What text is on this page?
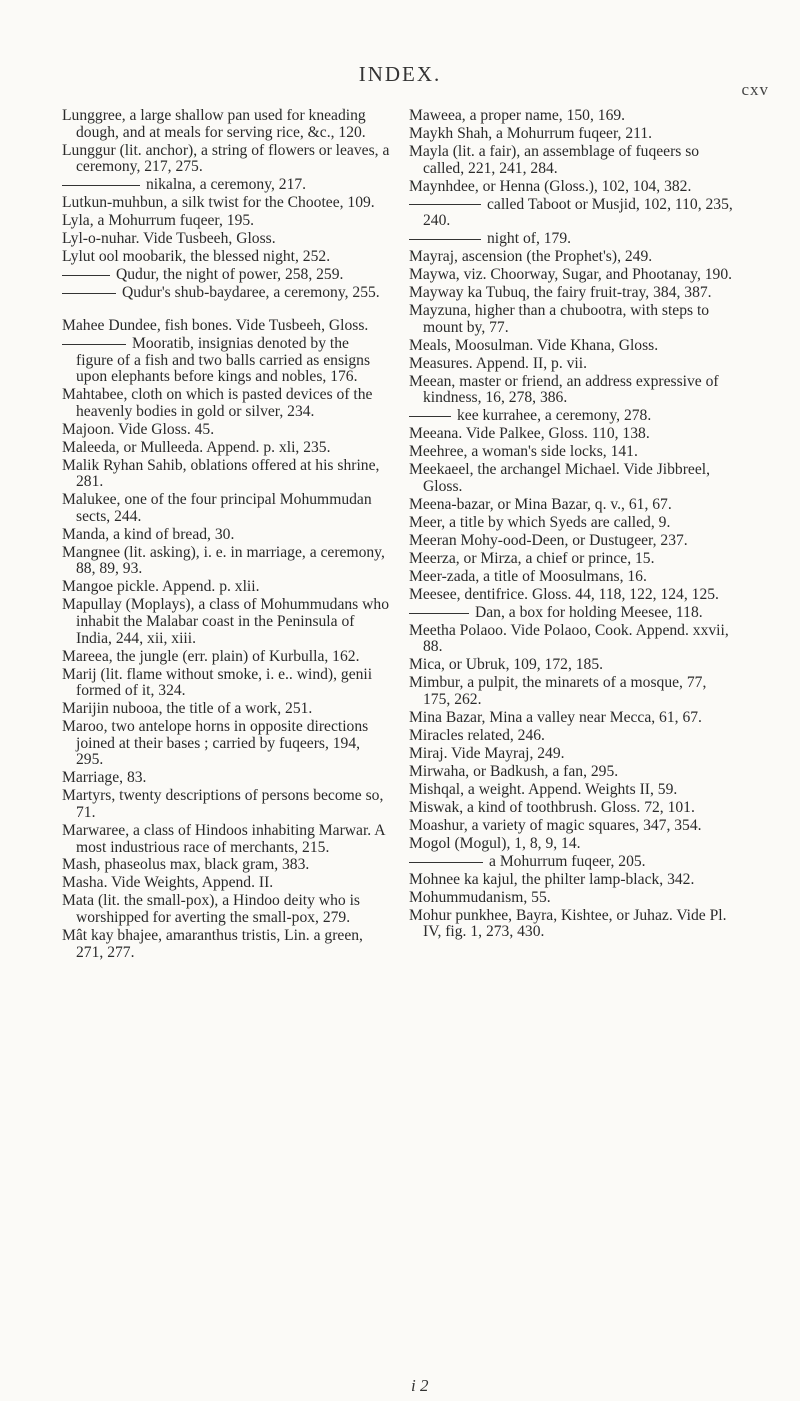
INDEX.
cxv
Lunggree, a large shallow pan used for kneading dough, and at meals for serving rice, &c., 120.
Lunggur (lit. anchor), a string of flowers or leaves, a ceremony, 217, 275.
nikalna, a ceremony, 217.
Lutkun-muhbun, a silk twist for the Chootee, 109.
Lyla, a Mohurrum fuqeer, 195.
Lyl-o-nuhar. Vide Tusbeeh, Gloss.
Lylut ool moobarik, the blessed night, 252.
Qudur, the night of power, 258, 259.
Qudur's shub-baydaree, a ceremony, 255.
Mahee Dundee, fish bones. Vide Tusbeeh, Gloss.
Mooratib, insignias denoted by the figure of a fish and two balls carried as ensigns upon elephants before kings and nobles, 176.
Mahtabee, cloth on which is pasted devices of the heavenly bodies in gold or silver, 234.
Majoon. Vide Gloss. 45.
Maleeda, or Mulleeda. Append. p. xli, 235.
Malik Ryhan Sahib, oblations offered at his shrine, 281.
Malukee, one of the four principal Mohummudan sects, 244.
Manda, a kind of bread, 30.
Mangnee (lit. asking), i. e. in marriage, a ceremony, 88, 89, 93.
Mangoe pickle. Append. p. xlii.
Mapullay (Moplays), a class of Mohummudans who inhabit the Malabar coast in the Peninsula of India, 244, xii, xiii.
Mareea, the jungle (err. plain) of Kurbulla, 162.
Marij (lit. flame without smoke, i. e.. wind), genii formed of it, 324.
Marijin nubooa, the title of a work, 251.
Maroo, two antelope horns in opposite directions joined at their bases ; carried by fuqeers, 194, 295.
Marriage, 83.
Martyrs, twenty descriptions of persons become so, 71.
Marwaree, a class of Hindoos inhabiting Marwar. A most industrious race of merchants, 215.
Mash, phaseolus max, black gram, 383.
Masha. Vide Weights, Append. II.
Mata (lit. the small-pox), a Hindoo deity who is worshipped for averting the small-pox, 279.
Mât kay bhajee, amaranthus tristis, Lin. a green, 271, 277.
Maweea, a proper name, 150, 169.
Maykh Shah, a Mohurrum fuqeer, 211.
Mayla (lit. a fair), an assemblage of fuqeers so called, 221, 241, 284.
Maynhdee, or Henna (Gloss.), 102, 104, 382.
called Taboot or Musjid, 102, 110, 235, 240.
night of, 179.
Mayraj, ascension (the Prophet's), 249.
Maywa, viz. Choorway, Sugar, and Phootanay, 190.
Mayway ka Tubuq, the fairy fruit-tray, 384, 387.
Mayzuna, higher than a chubootra, with steps to mount by, 77.
Meals, Moosulman. Vide Khana, Gloss.
Measures. Append. II, p. vii.
Meean, master or friend, an address expressive of kindness, 16, 278, 386.
kee kurrahee, a ceremony, 278.
Meeana. Vide Palkee, Gloss. 110, 138.
Meehree, a woman's side locks, 141.
Meekaeel, the archangel Michael. Vide Jibbreel, Gloss.
Meena-bazar, or Mina Bazar, q. v., 61, 67.
Meer, a title by which Syeds are called, 9.
Meeran Mohy-ood-Deen, or Dustugeer, 237.
Meerza, or Mirza, a chief or prince, 15.
Meer-zada, a title of Moosulmans, 16.
Meesee, dentifrice. Gloss. 44, 118, 122, 124, 125.
Dan, a box for holding Meesee, 118.
Meetha Polaoo. Vide Polaoo, Cook. Append. xxvii, 88.
Mica, or Ubruk, 109, 172, 185.
Mimbur, a pulpit, the minarets of a mosque, 77, 175, 262.
Mina Bazar, Mina a valley near Mecca, 61, 67.
Miracles related, 246.
Miraj. Vide Mayraj, 249.
Mirwaha, or Badkush, a fan, 295.
Mishqal, a weight. Append. Weights II, 59.
Miswak, a kind of toothbrush. Gloss. 72, 101.
Moashur, a variety of magic squares, 347, 354.
Mogol (Mogul), 1, 8, 9, 14.
a Mohurrum fuqeer, 205.
Mohnee ka kajul, the philter lamp-black, 342.
Mohummudanism, 55.
Mohur punkhee, Bayra, Kishtee, or Juhaz. Vide Pl. IV, fig. 1, 273, 430.
i 2
